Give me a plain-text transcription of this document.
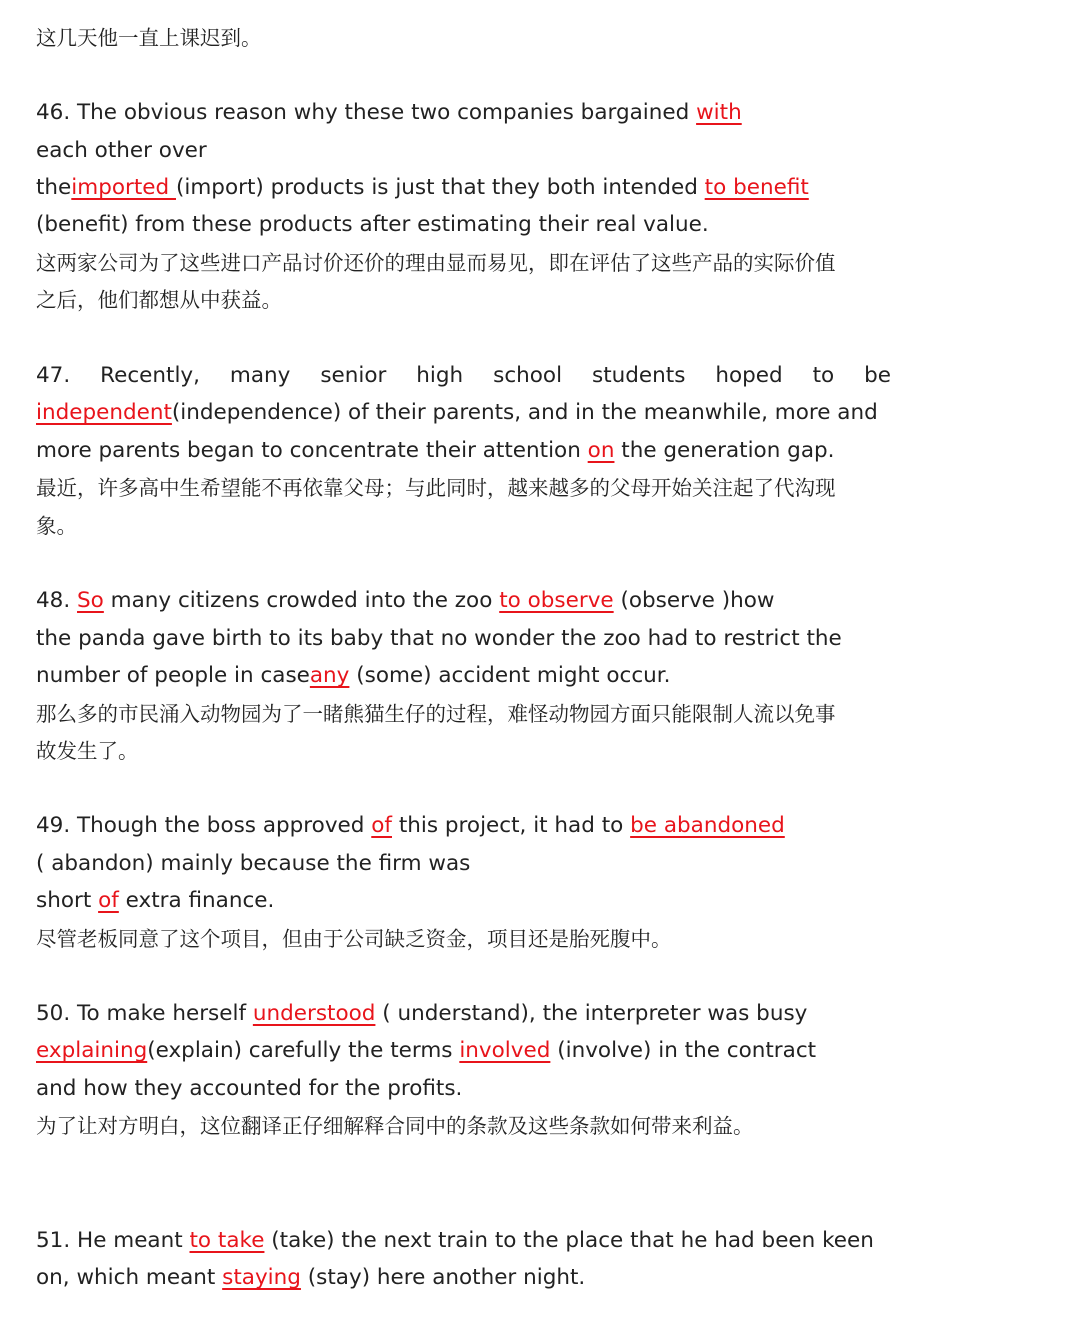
这几天他一直上课迟到。
46. The obvious reason why these two companies bargained with
each other over
theimported (import) products is just that they both intended to benefit
(benefit) from these products after estimating their real value.
这两家公司为了这些进口产品讨价还价的理由显而易见，即在评估了这些产品的实际价值
之后，他们都想从中获益。
47. Recently, many senior high school students hoped to be
independent(independence) of their parents, and in the meanwhile, more and
more parents began to concentrate their attention on the generation gap.
最近，许多高中生希望能不再依靠父母；与此同时，越来越多的父母开始关注起了代沟现
象。
48. So many citizens crowded into the zoo to observe (observe )how
the panda gave birth to its baby that no wonder the zoo had to restrict the
number of people in caseany (some) accident might occur.
那么多的市民涌入动物园为了一睹熊猫生仔的过程，难怪动物园方面只能限制人流以免事
故发生了。
49. Though the boss approved of this project, it had to be abandoned
( abandon) mainly because the firm was
short of extra finance.
尽管老板同意了这个项目，但由于公司缺乏资金，项目还是胎死腹中。
50. To make herself understood ( understand), the interpreter was busy
explaining(explain) carefully the terms involved (involve) in the contract
and how they accounted for the profits.
为了让对方明白，这位翻译正仔细解释合同中的条款及这些条款如何带来利益。
51. He meant to take (take) the next train to the place that he had been keen
on, which meant staying (stay) here another night.
